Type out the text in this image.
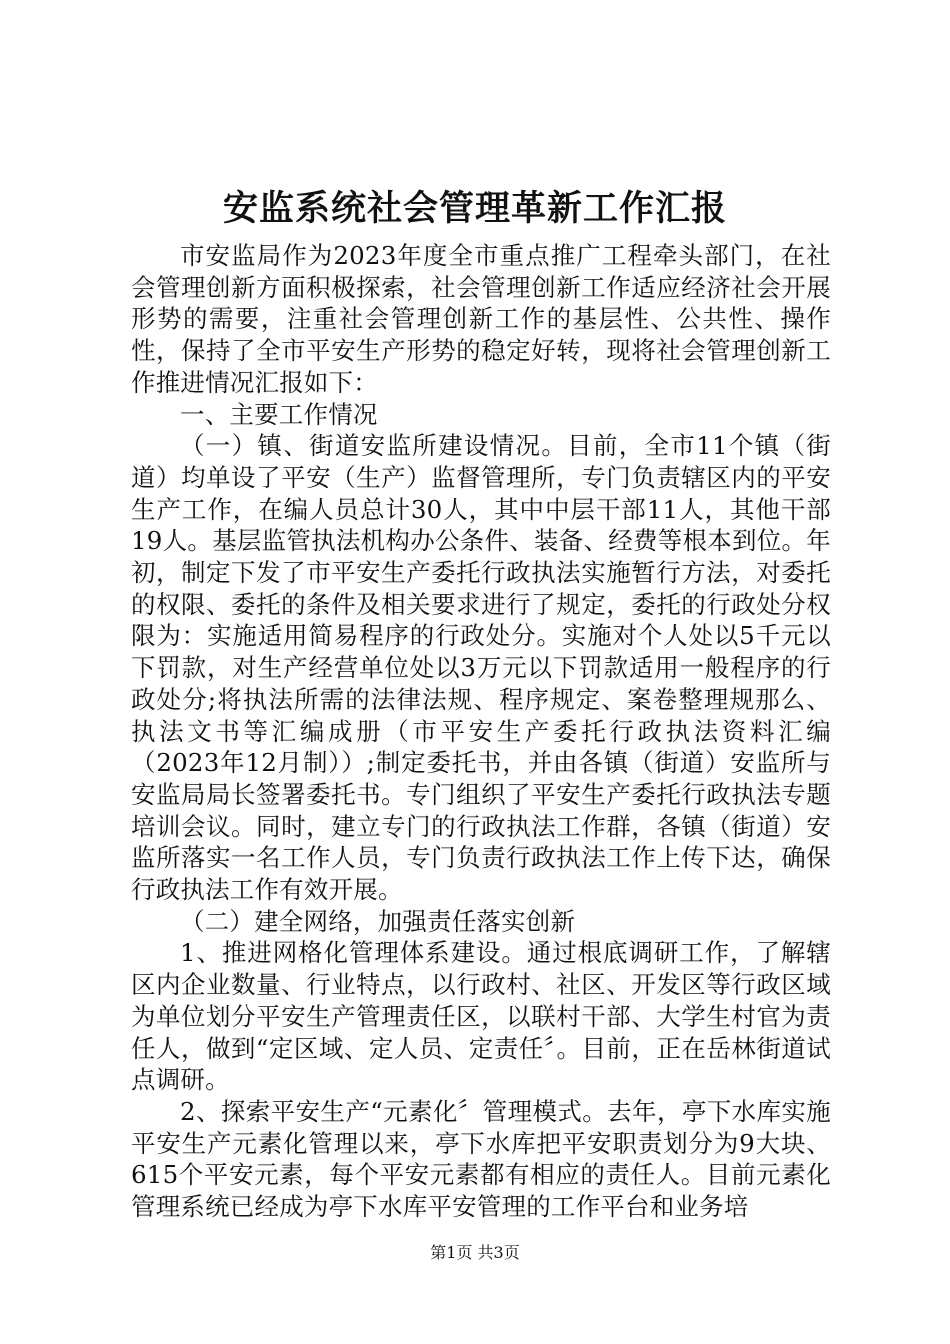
安监系统社会管理革新工作汇报

市安监局作为2023年度全市重点推广工程牵头部门，在社会管理创新方面积极探索，社会管理创新工作适应经济社会开展形势的需要，注重社会管理创新工作的基层性、公共性、操作性，保持了全市平安生产形势的稳定好转，现将社会管理创新工作推进情况汇报如下：

一、主要工作情况

（一）镇、街道安监所建设情况。目前，全市11个镇（街道）均单设了平安（生产）监督管理所，专门负责辖区内的平安生产工作，在编人员总计30人，其中中层干部11人，其他干部19人。基层监管执法机构办公条件、装备、经费等根本到位。年初，制定下发了市平安生产委托行政执法实施暂行方法，对委托的权限、委托的条件及相关要求进行了规定，委托的行政处分权限为：实施适用简易程序的行政处分。实施对个人处以5千元以下罚款，对生产经营单位处以3万元以下罚款适用一般程序的行政处分;将执法所需的法律法规、程序规定、案卷整理规那么、执法文书等汇编成册（市平安生产委托行政执法资料汇编（2023年12月制））;制定委托书，并由各镇（街道）安监所与安监局局长签署委托书。专门组织了平安生产委托行政执法专题培训会议。同时，建立专门的行政执法工作群，各镇（街道）安监所落实一名工作人员，专门负责行政执法工作上传下达，确保行政执法工作有效开展。

（二）建全网络，加强责任落实创新

1、推进网格化管理体系建设。通过根底调研工作，了解辖区内企业数量、行业特点，以行政村、社区、开发区等行政区域为单位划分平安生产管理责任区，以联村干部、大学生村官为责任人，做到“定区域、定人员、定责任〞。目前，正在岳林街道试点调研。

2、探索平安生产“元素化〞管理模式。去年，亭下水库实施平安生产元素化管理以来，亭下水库把平安职责划分为9大块、615个平安元素，每个平安元素都有相应的责任人。目前元素化管理系统已经成为亭下水库平安管理的工作平台和业务培

第1页 共3页
